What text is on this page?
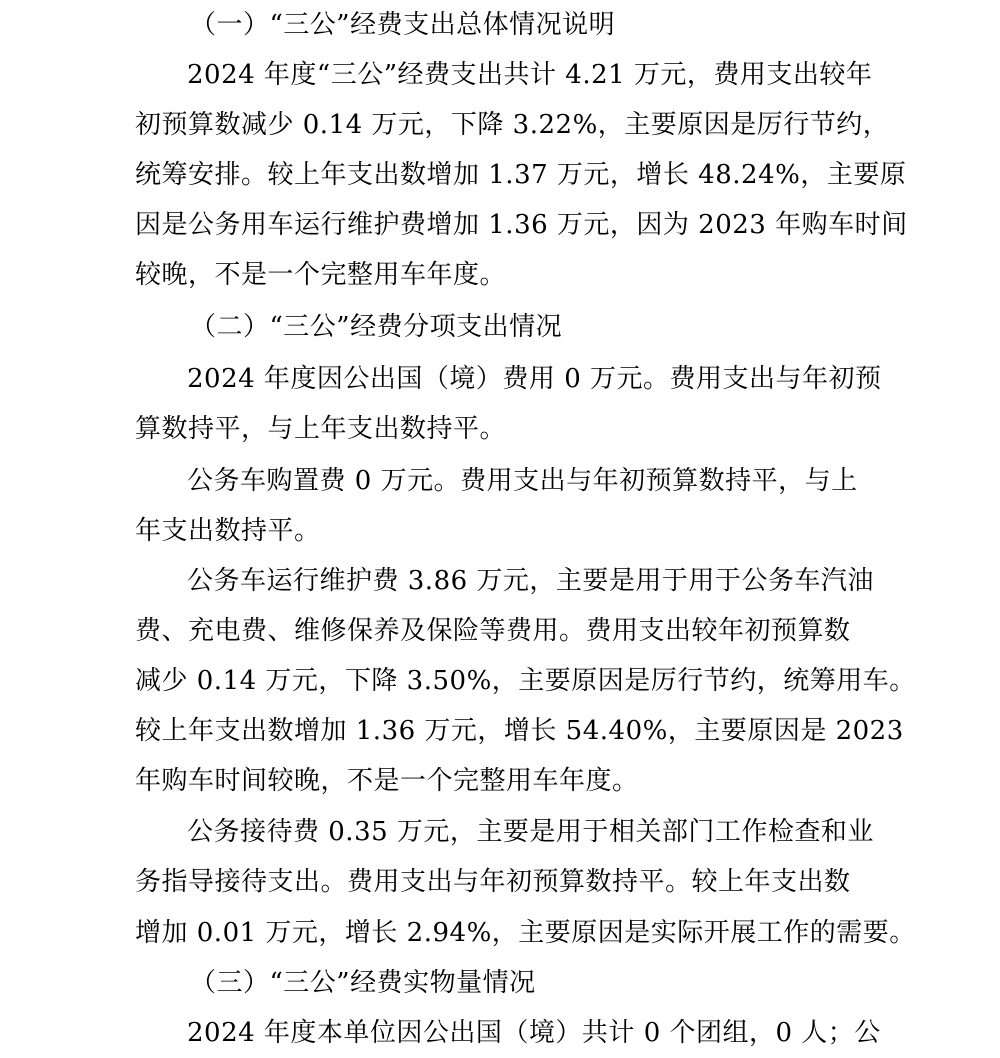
（一）“三公”经费支出总体情况说明
2024 年度“三公”经费支出共计 4.21 万元，费用支出较年
初预算数减少 0.14 万元，下降 3.22%，主要原因是厉行节约，
统筹安排。较上年支出数增加 1.37 万元，增长 48.24%，主要原
因是公务用车运行维护费增加 1.36 万元，因为 2023 年购车时间
较晚，不是一个完整用车年度。
（二）“三公”经费分项支出情况
2024 年度因公出国（境）费用 0 万元。费用支出与年初预
算数持平，与上年支出数持平。
公务车购置费 0 万元。费用支出与年初预算数持平，与上
年支出数持平。
公务车运行维护费 3.86 万元，主要是用于用于公务车汽油
费、充电费、维修保养及保险等费用。费用支出较年初预算数
减少 0.14 万元，下降 3.50%，主要原因是厉行节约，统筹用车。
较上年支出数增加 1.36 万元，增长 54.40%，主要原因是 2023
年购车时间较晚，不是一个完整用车年度。
公务接待费 0.35 万元，主要是用于相关部门工作检查和业
务指导接待支出。费用支出与年初预算数持平。较上年支出数
增加 0.01 万元，增长 2.94%，主要原因是实际开展工作的需要。
（三）“三公”经费实物量情况
2024 年度本单位因公出国（境）共计 0 个团组，0 人；公
